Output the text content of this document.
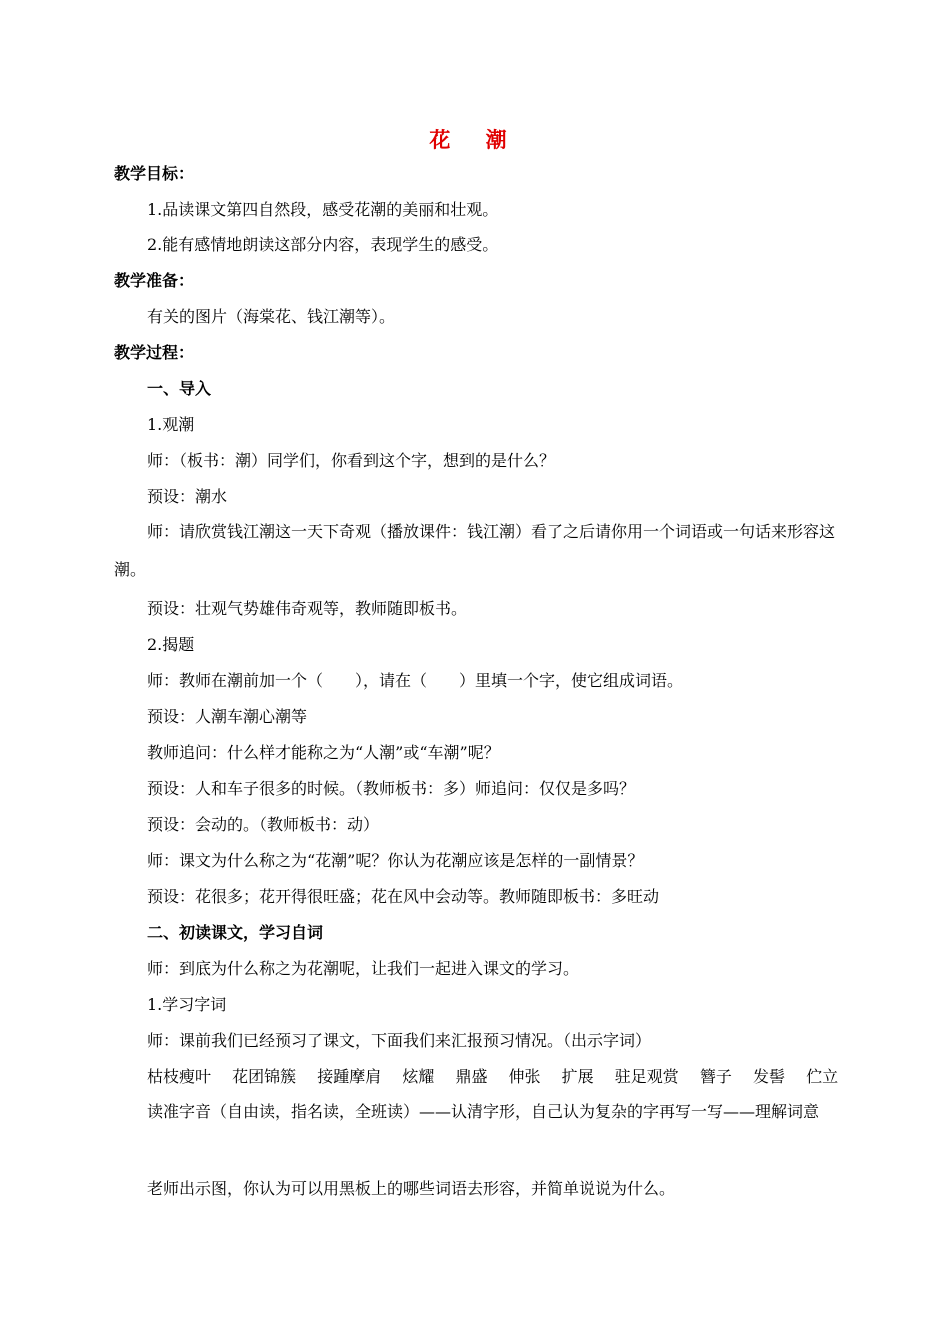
花 潮
教学目标：
1.品读课文第四自然段，感受花潮的美丽和壮观。
2.能有感情地朗读这部分内容，表现学生的感受。
教学准备：
有关的图片（海棠花、钱江潮等）。
教学过程：
一、导入
1.观潮
师：（板书：潮）同学们，你看到这个字，想到的是什么？
预设：潮水
师：请欣赏钱江潮这一天下奇观（播放课件：钱江潮）看了之后请你用一个词语或一句话来形容这潮。
预设：壮观气势雄伟奇观等，教师随即板书。
2.揭题
师：教师在潮前加一个（　　），请在（　　）里填一个字，使它组成词语。
预设：人潮车潮心潮等
教师追问：什么样才能称之为“人潮”或“车潮”呢？
预设：人和车子很多的时候。（教师板书：多）师追问：仅仅是多吗？
预设：会动的。（教师板书：动）
师：课文为什么称之为“花潮”呢？你认为花潮应该是怎样的一副情景？
预设：花很多；花开得很旺盛；花在风中会动等。教师随即板书：多旺动
二、初读课文，学习自词
师：到底为什么称之为花潮呢，让我们一起进入课文的学习。
1.学习字词
师：课前我们已经预习了课文，下面我们来汇报预习情况。（出示字词）
枯枝瘦叶 花团锦簇 接踵摩肩 炫耀 鼎盛 伸张 扩展 驻足观赏 簪子 发髻 伫立
读准字音（自由读，指名读，全班读）——认清字形，自己认为复杂的字再写一写——理解词意
老师出示图，你认为可以用黑板上的哪些词语去形容，并简单说说为什么。
